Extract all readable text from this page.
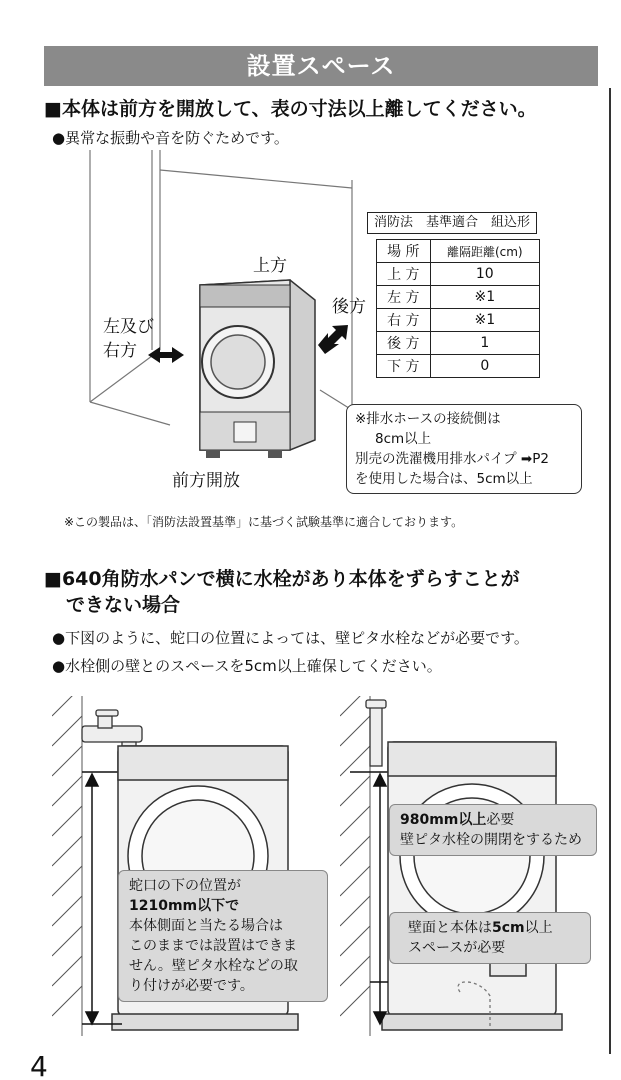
設置スペース
■本体は前方を開放して、表の寸法以上離してください。
●異常な振動や音を防ぐためです。
上方
後方
左及び
右方
前方開放
消防法　基準適合　組込形
場 所	離隔距離(cm)
上 方	10
左 方	※1
右 方	※1
後 方	1
下 方	0
※排水ホースの接続側は
8cm以上
別売の洗濯機用排水パイプ ➡P2
を使用した場合は、5cm以上
※この製品は、「消防法設置基準」に基づく試験基準に適合しております。
■640角防水パンで横に水栓があり本体をずらすことが
できない場合
●下図のように、蛇口の位置によっては、壁ピタ水栓などが必要です。
●水栓側の壁とのスペースを5cm以上確保してください。
蛇口の下の位置が
1210mm以下で
本体側面と当たる場合は
このままでは設置はできま
せん。壁ピタ水栓などの取
り付けが必要です。
980mm以上必要
壁ピタ水栓の開閉をするため
壁面と本体は5cm以上
スペースが必要
4
